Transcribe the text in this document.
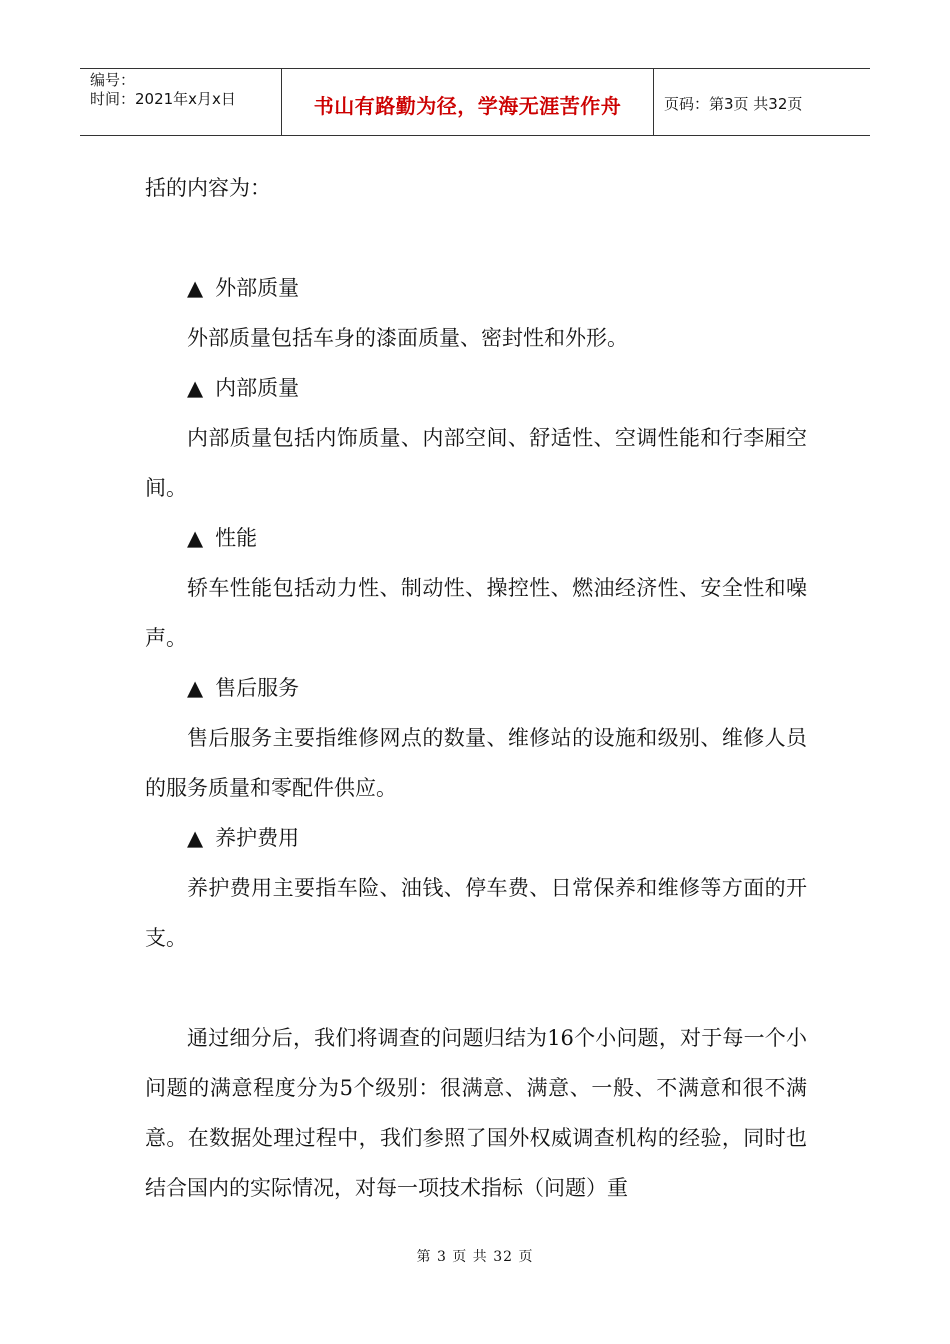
编号：
时间：2021年x月x日	书山有路勤为径，学海无涯苦作舟	页码：第3页 共32页

括的内容为：

▲ 外部质量

外部质量包括车身的漆面质量、密封性和外形。

▲ 内部质量

内部质量包括内饰质量、内部空间、舒适性、空调性能和行李厢空间。

▲ 性能

轿车性能包括动力性、制动性、操控性、燃油经济性、安全性和噪声。

▲ 售后服务

售后服务主要指维修网点的数量、维修站的设施和级别、维修人员的服务质量和零配件供应。

▲ 养护费用

养护费用主要指车险、油钱、停车费、日常保养和维修等方面的开支。

通过细分后，我们将调查的问题归结为16个小问题，对于每一个小问题的满意程度分为5个级别：很满意、满意、一般、不满意和很不满意。在数据处理过程中，我们参照了国外权威调查机构的经验，同时也结合国内的实际情况，对每一项技术指标（问题）重

第 3 页 共 32 页
